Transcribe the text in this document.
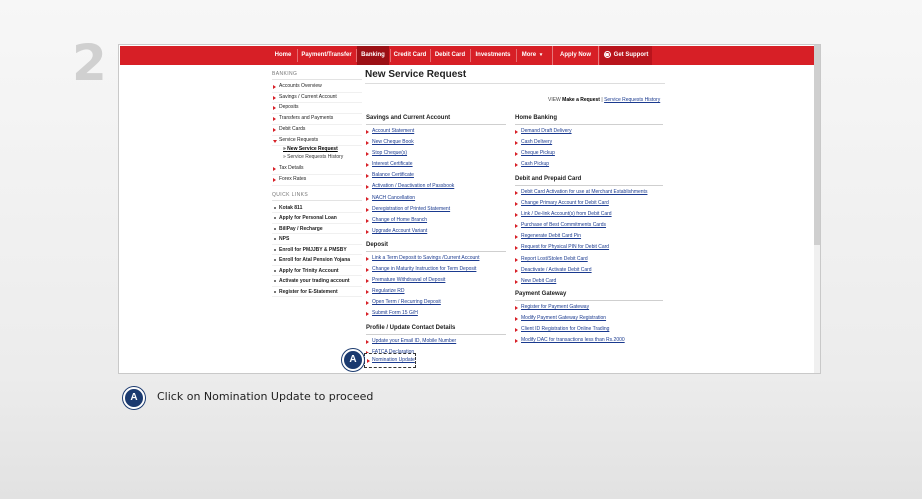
2	Home	Payment/Transfer	Banking	Credit Card	Debit Card	Investments	More ▾	Apply Now	☎ Get Support
BANKING
Accounts Overview
Savings / Current Account
Deposits
Transfers and Payments
Debit Cards
Service Requests
» New Service Request
» Service Requests History
Tax Details
Forex Rates
QUICK LINKS
Kotak 811
Apply for Personal Loan
BillPay / Recharge
NPS
Enroll for PMJJBY & PMSBY
Enroll for Atal Pension Yojana
Apply for Trinity Account
Activate your trading account
Register for E-Statement
New Service Request
VIEW Make a Request | Service Requests History
Savings and Current Account
Account Statement
New Cheque Book
Stop Cheque(s)
Interest Certificate
Balance Certificate
Activation / Deactivation of Passbook
NACH Cancellation
Deregistration of Printed Statement
Change of Home Branch
Upgrade Account Variant
Deposit
Link a Term Deposit to Savings /Current Account
Change in Maturity Instruction for Term Deposit
Premature Withdrawal of Deposit
Regularize RD
Open Term / Recurring Deposit
Submit Form 15 G/H
Profile / Update Contact Details
Update your Email ID, Mobile Number
Home Banking
Demand Draft Delivery
Cash Delivery
Cheque Pickup
Cash Pickup
Debit and Prepaid Card
Debit Card Activation for use at Merchant Establishments
Change Primary Account for Debit Card
Link / De-link Account(s) from Debit Card
Purchase of Best Commitments Cards
Regenerate Debit Card Pin
Request for Physical PIN for Debit Card
Report Lost/Stolen Debit Card
Deactivate / Activate Debit Card
New Debit Card
Payment Gateway
Register for Payment Gateway
Modify Payment Gateway Registration
Client ID Registration for Online Trading
Modify DAC for transactions less than Rs.2000
Nomination Update
A
A	Click on Nomination Update to proceed
